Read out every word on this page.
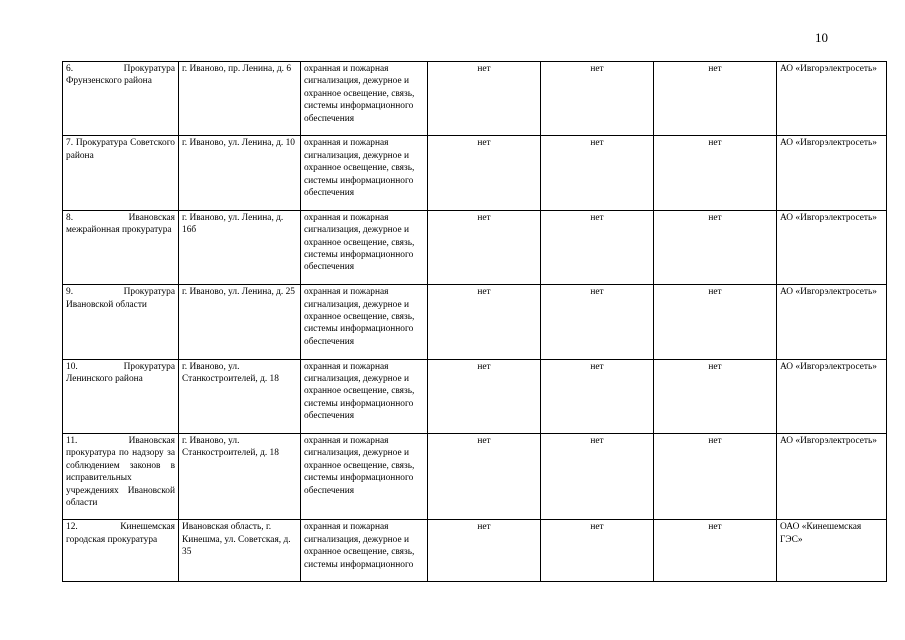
10
6. Прокуратура Фрунзенского района	г. Иваново, пр. Ленина, д. 6	охранная и пожарная сигнализация, дежурное и охранное освещение, связь, системы информационного обеспечения	нет	нет	нет	АО «Ивгорэлектросеть»
7. Прокуратура Советского района	г. Иваново, ул. Ленина, д. 10	охранная и пожарная сигнализация, дежурное и охранное освещение, связь, системы информационного обеспечения	нет	нет	нет	АО «Ивгорэлектросеть»
8. Ивановская межрайонная прокуратура	г. Иваново, ул. Ленина, д. 16б	охранная и пожарная сигнализация, дежурное и охранное освещение, связь, системы информационного обеспечения	нет	нет	нет	АО «Ивгорэлектросеть»
9. Прокуратура Ивановской области	г. Иваново, ул. Ленина, д. 25	охранная и пожарная сигнализация, дежурное и охранное освещение, связь, системы информационного обеспечения	нет	нет	нет	АО «Ивгорэлектросеть»
10. Прокуратура Ленинского района	г. Иваново, ул. Станкостроителей, д. 18	охранная и пожарная сигнализация, дежурное и охранное освещение, связь, системы информационного обеспечения	нет	нет	нет	АО «Ивгорэлектросеть»
11. Ивановская прокуратура по надзору за соблюдением законов в исправительных учреждениях Ивановской области	г. Иваново, ул. Станкостроителей, д. 18	охранная и пожарная сигнализация, дежурное и охранное освещение, связь, системы информационного обеспечения	нет	нет	нет	АО «Ивгорэлектросеть»
12. Кинешемская городская прокуратура	Ивановская область, г. Кинешма, ул. Советская, д. 35	охранная и пожарная сигнализация, дежурное и охранное освещение, связь, системы информационного	нет	нет	нет	ОАО «Кинешемская ГЭС»
